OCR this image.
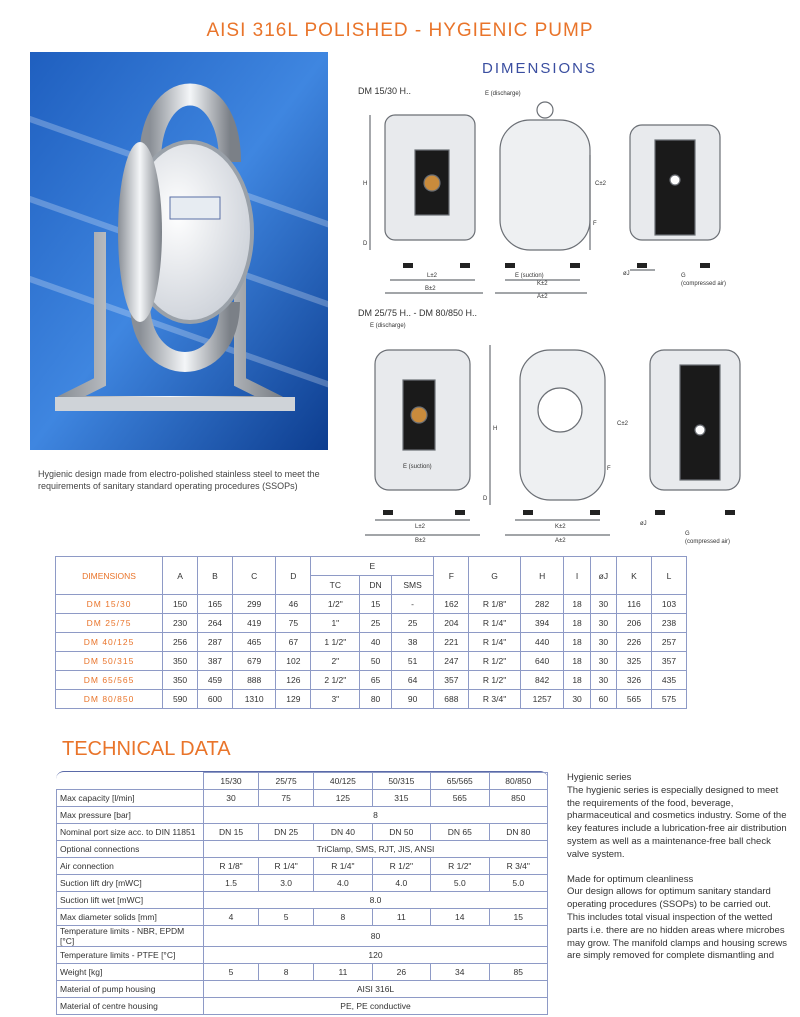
AISI 316L POLISHED - HYGIENIC PUMP
Hygienic design made from electro-polished stainless steel to meet the requirements of sanitary standard operating procedures (SSOPs)
DIMENSIONS
DM 15/30 H..
DM 25/75 H.. - DM 80/850 H..
E (discharge)
E (suction)
L±2
B±2
K±2
A±2
C±2
H
D
F
øJ	G
(compressed air)
E (discharge)
E (suction)
L±2
B±2
K±2
A±2
C±2
H
D
F
øJ
G
(compressed air)
DIMENSIONS	A	B	C	D	E			F	G	H	I	øJ	K	L
					TC	DN	SMS							
DM 15/30	150	165	299	46	1/2"	15	-	162	R 1/8"	282	18	30	116	103
DM 25/75	230	264	419	75	1"	25	25	204	R 1/4"	394	18	30	206	238
DM 40/125	256	287	465	67	1 1/2"	40	38	221	R 1/4"	440	18	30	226	257
DM 50/315	350	387	679	102	2"	50	51	247	R 1/2"	640	18	30	325	357
DM 65/565	350	459	888	126	2 1/2"	65	64	357	R 1/2"	842	18	30	326	435
DM 80/850	590	600	1310	129	3"	80	90	688	R 3/4"	1257	30	60	565	575
TECHNICAL DATA
	15/30	25/75	40/125	50/315	65/565	80/850
Max capacity [l/min]	30	75	125	315	565	850
Max pressure [bar]	8					
Nominal port size acc. to DIN 11851	DN 15	DN 25	DN 40	DN 50	DN 65	DN 80
Optional connections	TriClamp, SMS, RJT, JIS, ANSI					
Air connection	R 1/8"	R 1/4"	R 1/4"	R 1/2"	R 1/2"	R 3/4"
Suction lift dry [mWC]	1.5	3.0	4.0	4.0	5.0	5.0
Suction lift wet [mWC]	8.0					
Max diameter solids [mm]	4	5	8	11	14	15
Temperature limits - NBR, EPDM [°C]	80					
Temperature limits - PTFE [°C]	120					
Weight [kg]	5	8	11	26	34	85
Material of pump housing	AISI 316L					
Material of centre housing	PE, PE conductive					

Hygienic series

The hygienic series is especially designed to meet the requirements of the food, beverage, pharmaceutical and cosmetics industry. Some of the key features include a lubrication-free air distribution system as well as a maintenance-free ball check valve system.

Made for optimum cleanliness

Our design allows for optimum sanitary standard operating procedures (SSOPs) to be carried out. This includes total visual inspection of the wetted parts i.e. there are no hidden areas where microbes may grow. The manifold clamps and housing screws are simply removed for complete dismantling and
